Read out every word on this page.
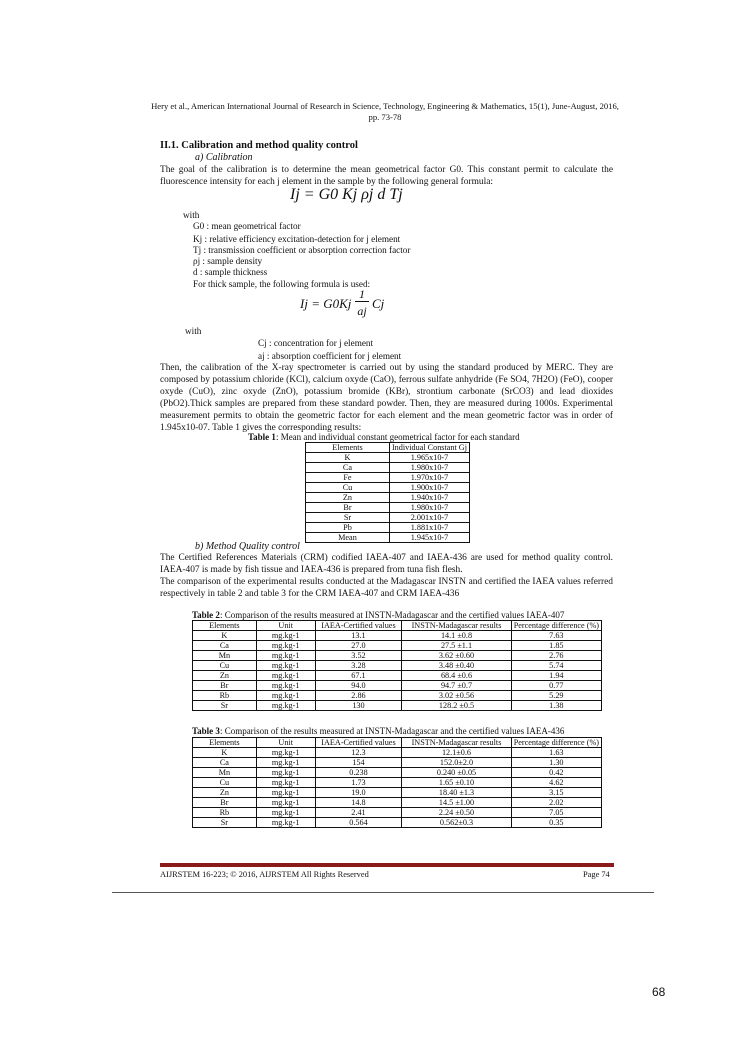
Hery et al., American International Journal of Research in Science, Technology, Engineering & Mathematics, 15(1), June-August, 2016, pp. 73-78
II.1. Calibration and method quality control
a) Calibration

The goal of the calibration is to determine the mean geometrical factor G0. This constant permit to calculate the fluorescence intensity for each j element in the sample by the following general formula:

Ij = G0 Kj ρj d Tj
with
G0 : mean geometrical factor
Kj : relative efficiency excitation-detection for j element
Tj : transmission coefficient or absorption correction factor
ρj : sample density
d : sample thickness
For thick sample, the following formula is used:
Ij = G0Kj
1
aj Cj
with
Cj : concentration for j element
aj : absorption coefficient for j element

Then, the calibration of the X-ray spectrometer is carried out by using the standard produced by MERC. They are composed by potassium chloride (KCl), calcium oxyde (CaO), ferrous sulfate anhydride (Fe SO4, 7H2O) (FeO), cooper oxyde (CuO), zinc oxyde (ZnO), potassium bromide (KBr), strontium carbonate (SrCO3) and lead dioxides (PbO2).Thick samples are prepared from these standard powder. Then, they are measured during 1000s. Experimental measurement permits to obtain the geometric factor for each element and the mean geometric factor was in order of 1.945x10-07. Table 1 gives the corresponding results:

Table 1: Mean and individual constant geometrical factor for each standard
Elements	Individual Constant Gj
K	1.965x10-7
Ca	1.980x10-7
Fe	1.970x10-7
Cu	1.900x10-7
Zn	1.940x10-7
Br	1.980x10-7
Sr	2.001x10-7
Pb	1.881x10-7
Mean	1.945x10-7
b) Method Quality control

The Certified References Materials (CRM) codified IAEA-407 and IAEA-436 are used for method quality control. IAEA-407 is made by fish tissue and IAEA-436 is prepared from tuna fish flesh.

The comparison of the experimental results conducted at the Madagascar INSTN and certified the IAEA values referred respectively in table 2 and table 3 for the CRM IAEA-407 and CRM IAEA-436

Table 2: Comparison of the results measured at INSTN-Madagascar and the certified values IAEA-407
Elements	Unit	IAEA-Certified values	INSTN-Madagascar results	Percentage difference (%)
K	mg.kg-1	13.1	14.1 ±0.8	7.63
Ca	mg.kg-1	27.0	27.5 ±1.1	1.85
Mn	mg.kg-1	3.52	3.62 ±0.60	2.76
Cu	mg.kg-1	3.28	3.48 ±0.40	5.74
Zn	mg.kg-1	67.1	68.4 ±0.6	1.94
Br	mg.kg-1	94.0	94.7 ±0.7	0.77
Rb	mg.kg-1	2.86	3.02 ±0.56	5.29
Sr	mg.kg-1	130	128.2 ±0.5	1.38
Table 3: Comparison of the results measured at INSTN-Madagascar and the certified values IAEA-436
Elements	Unit	IAEA-Certified values	INSTN-Madagascar results	Percentage difference (%)
K	mg.kg-1	12.3	12.1±0.6	1.63
Ca	mg.kg-1	154	152.0±2.0	1.30
Mn	mg.kg-1	0.238	0.240 ±0.05	0.42
Cu	mg.kg-1	1.73	1.65 ±0.10	4.62
Zn	mg.kg-1	19.0	18.40 ±1.3	3.15
Br	mg.kg-1	14.8	14.5 ±1.00	2.02
Rb	mg.kg-1	2.41	2.24 ±0.50	7.05
Sr	mg.kg-1	0.564	0.562±0.3	0.35
AIJRSTEM 16-223; © 2016, AIJRSTEM All Rights Reserved	Page 74
68
